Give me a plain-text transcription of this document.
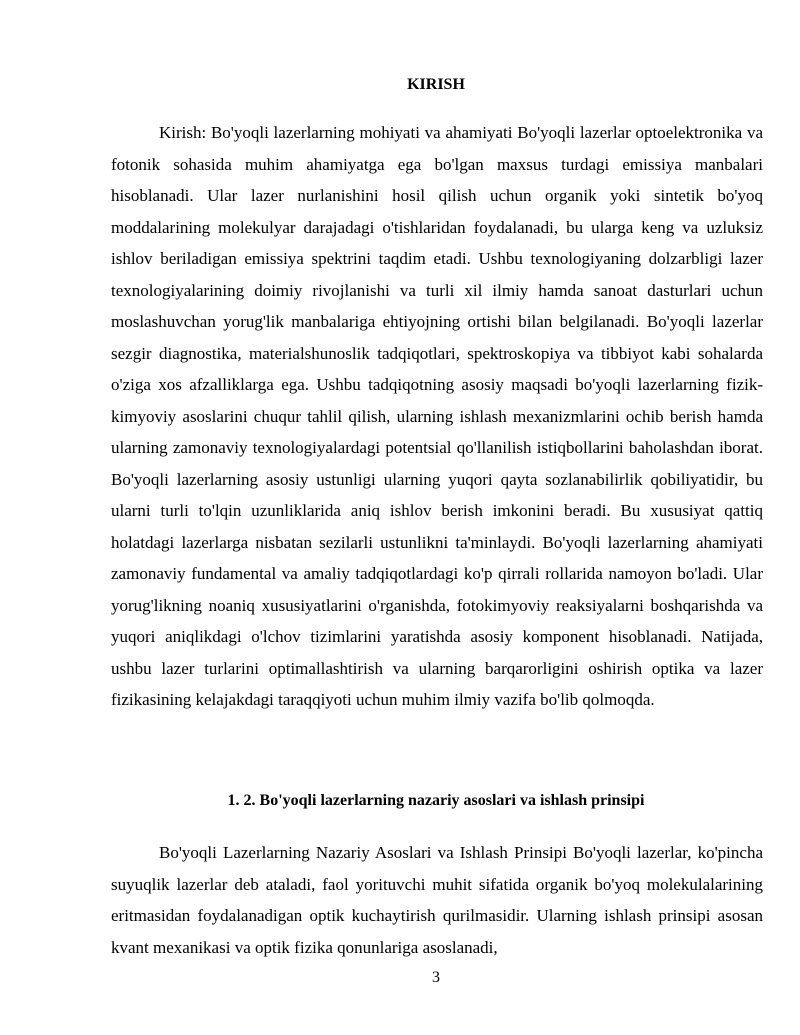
KIRISH

Kirish: Bo'yoqli lazerlarning mohiyati va ahamiyati Bo'yoqli lazerlar optoelektronika va fotonik sohasida muhim ahamiyatga ega bo'lgan maxsus turdagi emissiya manbalari hisoblanadi. Ular lazer nurlanishini hosil qilish uchun organik yoki sintetik bo'yoq moddalarining molekulyar darajadagi o'tishlaridan foydalanadi, bu ularga keng va uzluksiz ishlov beriladigan emissiya spektrini taqdim etadi. Ushbu texnologiyaning dolzarbligi lazer texnologiyalarining doimiy rivojlanishi va turli xil ilmiy hamda sanoat dasturlari uchun moslashuvchan yorug'lik manbalariga ehtiyojning ortishi bilan belgilanadi. Bo'yoqli lazerlar sezgir diagnostika, materialshunoslik tadqiqotlari, spektroskopiya va tibbiyot kabi sohalarda o'ziga xos afzalliklarga ega. Ushbu tadqiqotning asosiy maqsadi bo'yoqli lazerlarning fizik-kimyoviy asoslarini chuqur tahlil qilish, ularning ishlash mexanizmlarini ochib berish hamda ularning zamonaviy texnologiyalardagi potentsial qo'llanilish istiqbollarini baholashdan iborat. Bo'yoqli lazerlarning asosiy ustunligi ularning yuqori qayta sozlanabilirlik qobiliyatidir, bu ularni turli to'lqin uzunliklarida aniq ishlov berish imkonini beradi. Bu xususiyat qattiq holatdagi lazerlarga nisbatan sezilarli ustunlikni ta'minlaydi. Bo'yoqli lazerlarning ahamiyati zamonaviy fundamental va amaliy tadqiqotlardagi ko'p qirrali rollarida namoyon bo'ladi. Ular yorug'likning noaniq xususiyatlarini o'rganishda, fotokimyoviy reaksiyalarni boshqarishda va yuqori aniqlikdagi o'lchov tizimlarini yaratishda asosiy komponent hisoblanadi. Natijada, ushbu lazer turlarini optimallashtirish va ularning barqarorligini oshirish optika va lazer fizikasining kelajakdagi taraqqiyoti uchun muhim ilmiy vazifa bo'lib qolmoqda.

1. 2. Bo'yoqli lazerlarning nazariy asoslari va ishlash prinsipi

Bo'yoqli Lazerlarning Nazariy Asoslari va Ishlash Prinsipi Bo'yoqli lazerlar, ko'pincha suyuqlik lazerlar deb ataladi, faol yorituvchi muhit sifatida organik bo'yoq molekulalarining eritmasidan foydalanadigan optik kuchaytirish qurilmasidir. Ularning ishlash prinsipi asosan kvant mexanikasi va optik fizika qonunlariga asoslanadi,

3
